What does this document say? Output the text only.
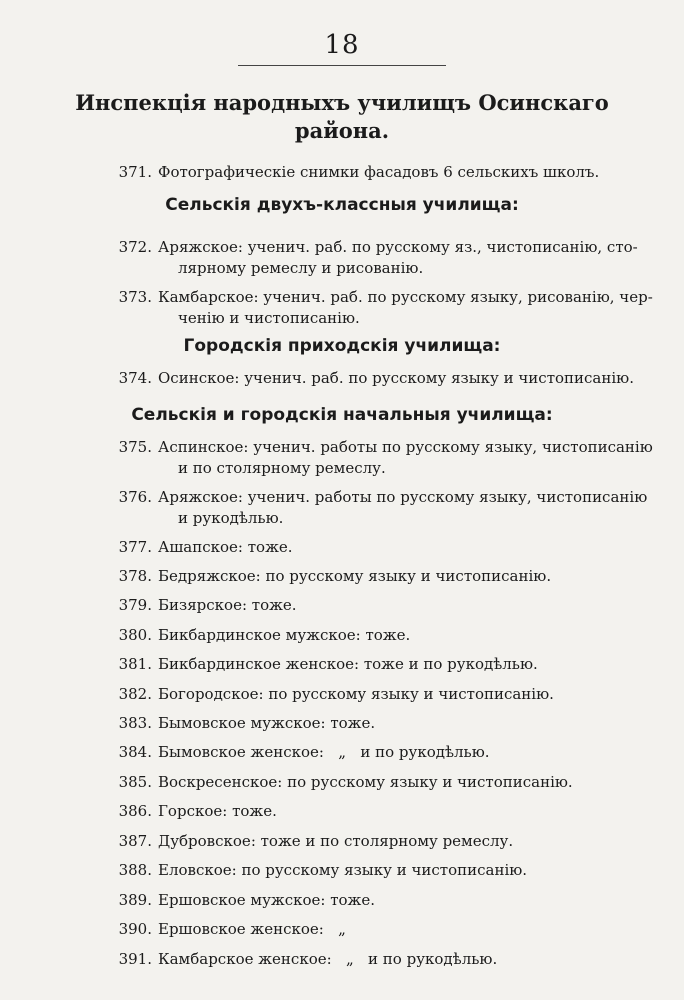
18
Инспекція народныхъ училищъ Осинскаго
района.
371. Фотографическіе снимки фасадовъ 6 сельскихъ школъ.
Сельскія двухъ-классныя училища:
372. Аряжское: ученич. раб. по русскому яз., чистописанію, сто-
лярному ремеслу и рисованію.
373. Камбарское: ученич. раб. по русскому языку, рисованію, чер-
ченію и чистописанію.
Городскія приходскія училища:
374. Осинское: ученич. раб. по русскому языку и чистописанію.
Сельскія и городскія начальныя училища:
375. Аспинское: ученич. работы по русскому языку, чистописанію
и по столярному ремеслу.
376. Аряжское: ученич. работы по русскому языку, чистописанію
и рукодѣлью.
377. Ашапское: тоже.
378. Бедряжское: по русскому языку и чистописанію.
379. Бизярское: тоже.
380. Бикбардинское мужское: тоже.
381. Бикбардинское женское: тоже и по рукодѣлью.
382. Богородское: по русскому языку и чистописанію.
383. Бымовское мужское: тоже.
384. Бымовское женское:   „   и по рукодѣлью.
385. Воскресенское: по русскому языку и чистописанію.
386. Горское: тоже.
387. Дубровское: тоже и по столярному ремеслу.
388. Еловское: по русскому языку и чистописанію.
389. Ершовское мужское: тоже.
390. Ершовское женское:   „
391. Камбарское женское:   „   и по рукодѣлью.
